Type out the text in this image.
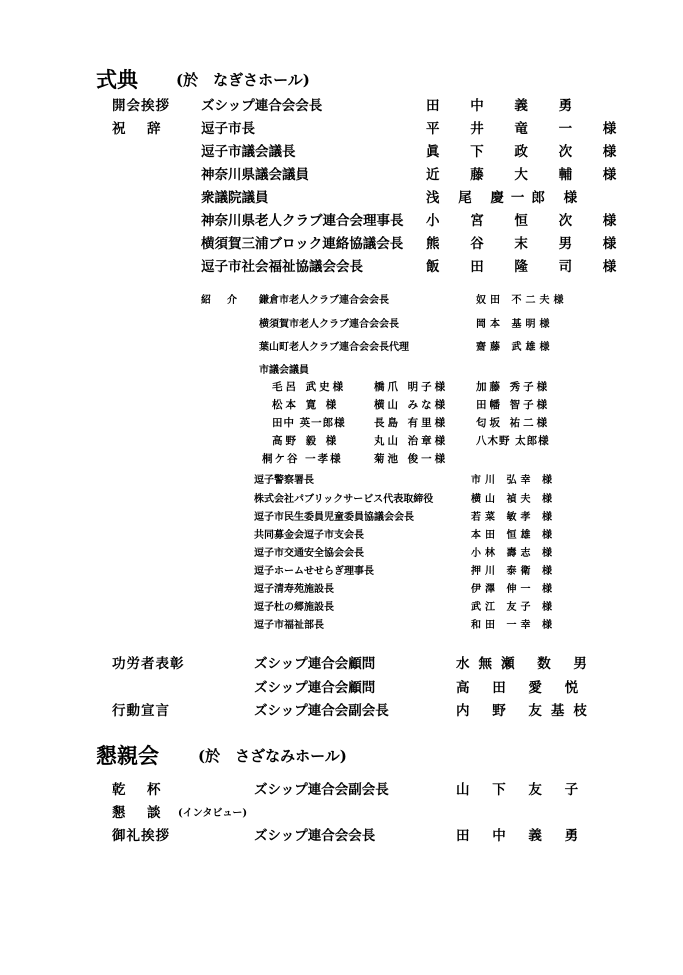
式典	(於　なぎさホール)
開会挨拶 ズシップ連合会会長	田 中 義 勇
祝　辞	逗子市長	平 井 竜 一 様
逗子市議会議長	眞 下 政 次 様
神奈川県議会議員	近 藤 大 輔 様
衆議院議員	浅 尾 慶一郎 様
神奈川県老人クラブ連合会理事長 小 宮 恒 次 様
横須賀三浦ブロック連絡協議会長 熊 谷 末 男 様
逗子市社会福祉協議会会長	飯 田 隆 司 様
紹　介 鎌倉市老人クラブ連合会会長	奴田 不二夫様
横須賀市老人クラブ連合会会長	岡本 基明様
葉山町老人クラブ連合会会長代理	齋藤 武雄様
市議会議員
毛呂 武史様	橋爪 明子様	加藤 秀子様
松本 寛 様	横山 みな様	田幡 智子様
田中 英一郎様	長島 有里様	匂坂 祐二様
高野 毅 様	丸山 治章様	八木野 太郎様
桐ケ谷 一孝様	菊池 俊一様
逗子警察署長	市川 弘幸 様
株式会社パブリックサービス代表取締役	横山 禎夫 様
逗子市民生委員児童委員協議会会長	若菜 敏孝 様
共同募金会逗子市支会長	本田 恒雄 様
逗子市交通安全協会会長	小林 壽志 様
逗子ホームせせらぎ理事長	押川 泰衛 様
逗子清寿苑施設長	伊澤 伸一 様
逗子杜の郷施設長	武江 友子 様
逗子市福祉部長	和田 一幸 様
功労者表彰	ズシップ連合会顧問	水無瀬 数 男
ズシップ連合会顧問	高 田 愛 悦
行動宣言	ズシップ連合会副会長	内 野 友基枝
懇親会	(於　さざなみホール)
乾　杯	ズシップ連合会副会長	山 下 友 子
懇　談 (インタビュー)
御礼挨拶	ズシップ連合会会長	田 中 義 勇
